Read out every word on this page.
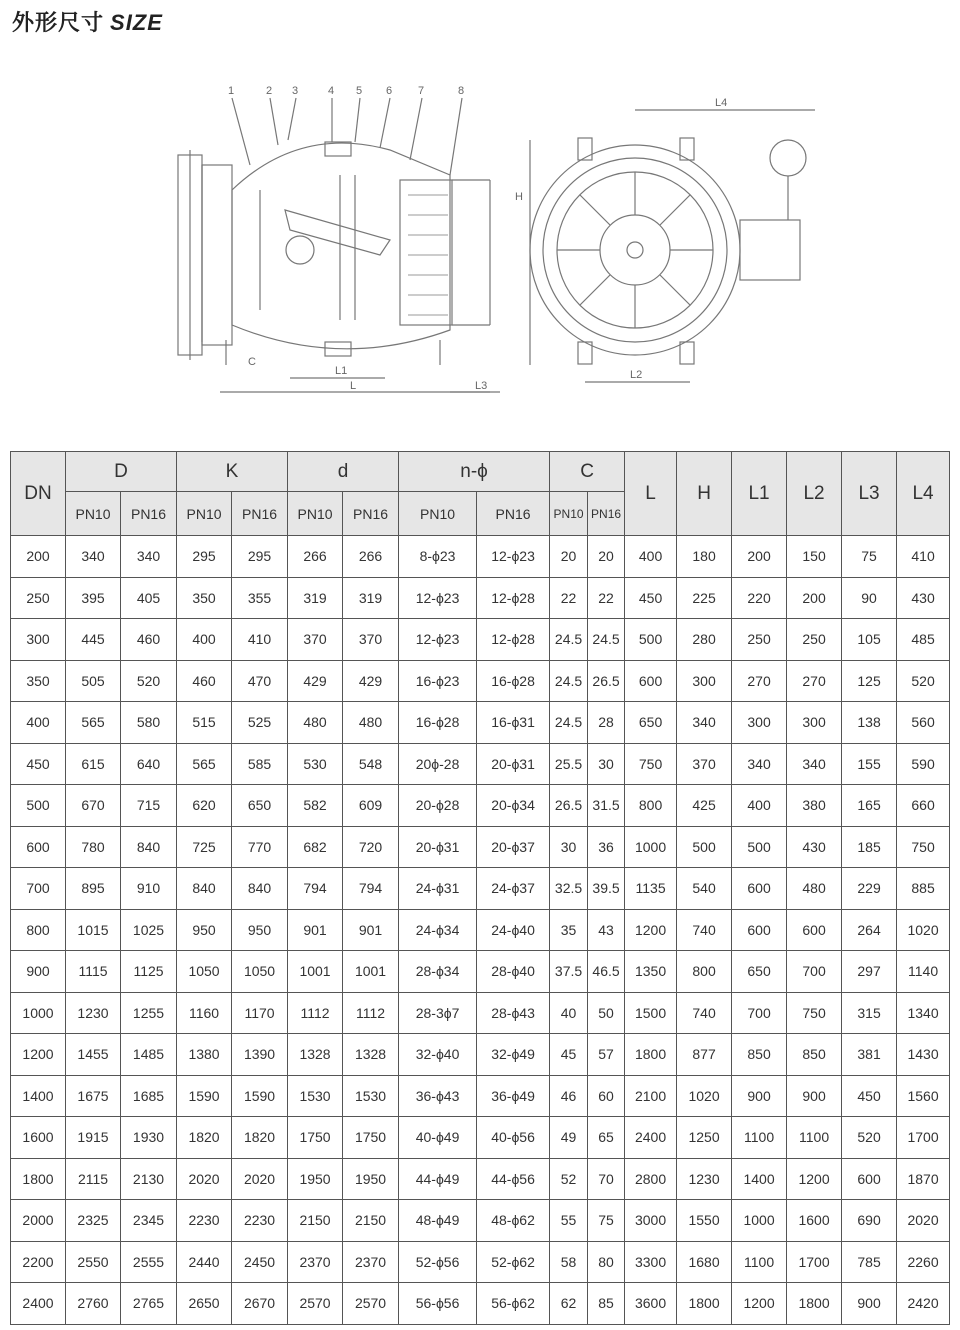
外形尺寸 SIZE
1	2 3	4 5 6 7	8
L
L1	L2
L3
L4
H
C
DN	D		K		d		n-ϕ		C		L	H	L1	L2	L3	L4
	PN10	PN16	PN10	PN16	PN10	PN16	PN10	PN16	PN10	PN16						
200	340	340	295	295	266	266	8-ϕ23	12-ϕ23	20	20	400	180	200	150	75	410
250	395	405	350	355	319	319	12-ϕ23	12-ϕ28	22	22	450	225	220	200	90	430
300	445	460	400	410	370	370	12-ϕ23	12-ϕ28	24.5	24.5	500	280	250	250	105	485
350	505	520	460	470	429	429	16-ϕ23	16-ϕ28	24.5	26.5	600	300	270	270	125	520
400	565	580	515	525	480	480	16-ϕ28	16-ϕ31	24.5	28	650	340	300	300	138	560
450	615	640	565	585	530	548	20ϕ-28	20-ϕ31	25.5	30	750	370	340	340	155	590
500	670	715	620	650	582	609	20-ϕ28	20-ϕ34	26.5	31.5	800	425	400	380	165	660
600	780	840	725	770	682	720	20-ϕ31	20-ϕ37	30	36	1000	500	500	430	185	750
700	895	910	840	840	794	794	24-ϕ31	24-ϕ37	32.5	39.5	1135	540	600	480	229	885
800	1015	1025	950	950	901	901	24-ϕ34	24-ϕ40	35	43	1200	740	600	600	264	1020
900	1115	1125	1050	1050	1001	1001	28-ϕ34	28-ϕ40	37.5	46.5	1350	800	650	700	297	1140
1000	1230	1255	1160	1170	1112	1112	28-3ϕ7	28-ϕ43	40	50	1500	740	700	750	315	1340
1200	1455	1485	1380	1390	1328	1328	32-ϕ40	32-ϕ49	45	57	1800	877	850	850	381	1430
1400	1675	1685	1590	1590	1530	1530	36-ϕ43	36-ϕ49	46	60	2100	1020	900	900	450	1560
1600	1915	1930	1820	1820	1750	1750	40-ϕ49	40-ϕ56	49	65	2400	1250	1100	1100	520	1700
1800	2115	2130	2020	2020	1950	1950	44-ϕ49	44-ϕ56	52	70	2800	1230	1400	1200	600	1870
2000	2325	2345	2230	2230	2150	2150	48-ϕ49	48-ϕ62	55	75	3000	1550	1000	1600	690	2020
2200	2550	2555	2440	2450	2370	2370	52-ϕ56	52-ϕ62	58	80	3300	1680	1100	1700	785	2260
2400	2760	2765	2650	2670	2570	2570	56-ϕ56	56-ϕ62	62	85	3600	1800	1200	1800	900	2420
